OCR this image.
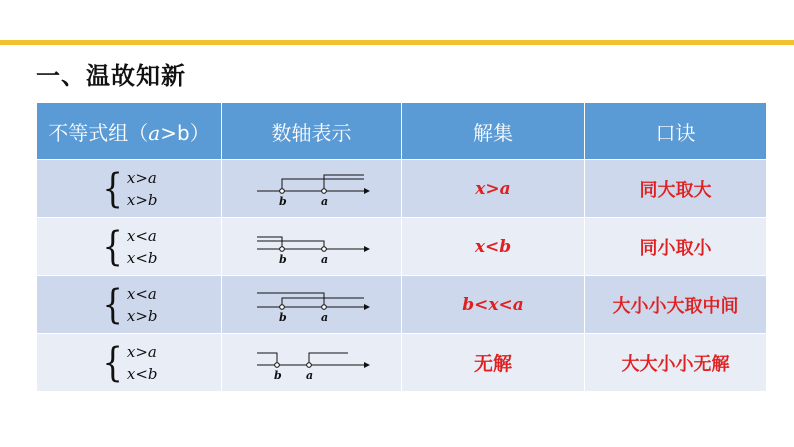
一、温故知新
不等式组（a>b）	数轴表示	解集	口诀

{ x>a
x>b	b a	x>a	同大取大

{ x<a
x<b	b a	x<b	同小取小

{ x<a
x>b	b a	b<x<a	大小小大取中间

{ x>a
x<b	b a	无解	大大小小无解
